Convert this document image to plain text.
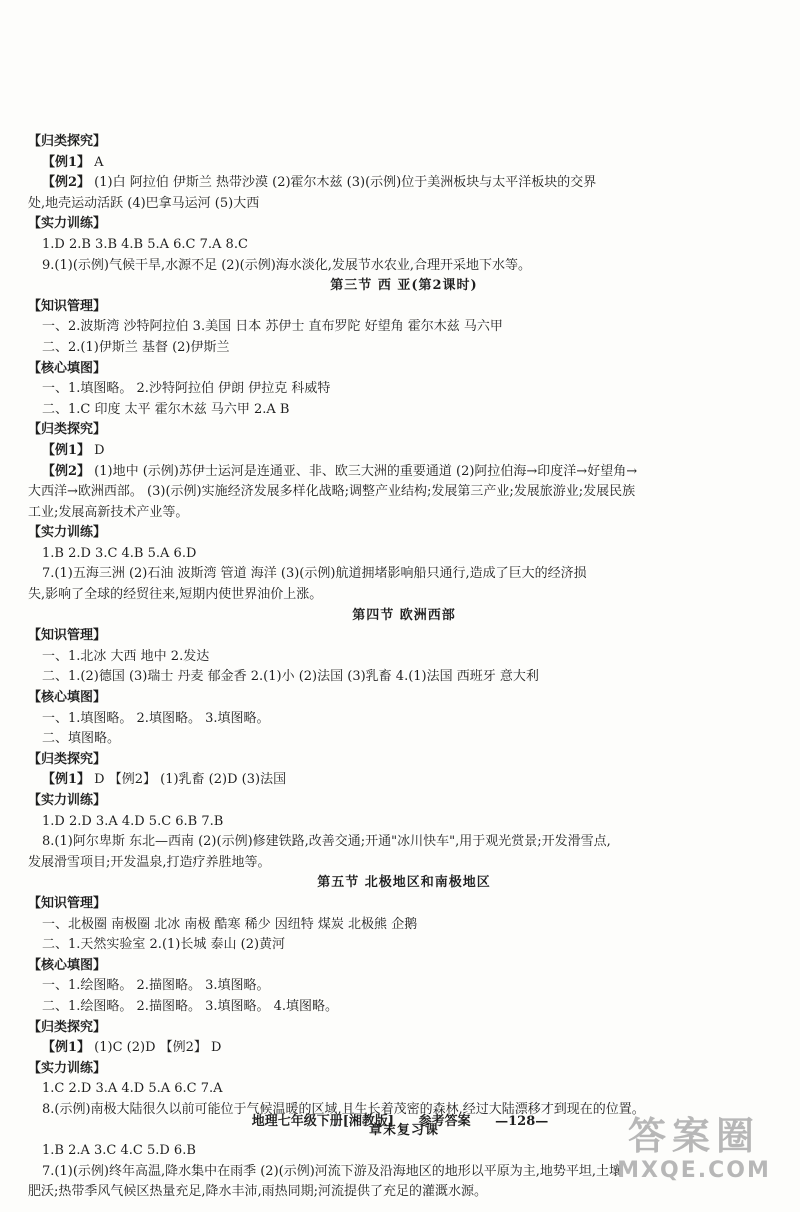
【归类探究】
【例1】 A
【例2】 (1)白 阿拉伯 伊斯兰 热带沙漠 (2)霍尔木兹 (3)(示例)位于美洲板块与太平洋板块的交界
处,地壳运动活跃 (4)巴拿马运河 (5)大西
【实力训练】
1.D 2.B 3.B 4.B 5.A 6.C 7.A 8.C
9.(1)(示例)气候干旱,水源不足 (2)(示例)海水淡化,发展节水农业,合理开采地下水等。
第三节 西 亚(第2课时)
【知识管理】
一、2.波斯湾 沙特阿拉伯 3.美国 日本 苏伊士 直布罗陀 好望角 霍尔木兹 马六甲
二、2.(1)伊斯兰 基督 (2)伊斯兰
【核心填图】
一、1.填图略。 2.沙特阿拉伯 伊朗 伊拉克 科威特
二、1.C 印度 太平 霍尔木兹 马六甲 2.A B
【归类探究】
【例1】 D
【例2】 (1)地中 (示例)苏伊士运河是连通亚、非、欧三大洲的重要通道 (2)阿拉伯海→印度洋→好望角→
大西洋→欧洲西部。 (3)(示例)实施经济发展多样化战略;调整产业结构;发展第三产业;发展旅游业;发展民族
工业;发展高新技术产业等。
【实力训练】
1.B 2.D 3.C 4.B 5.A 6.D
7.(1)五海三洲 (2)石油 波斯湾 管道 海洋 (3)(示例)航道拥堵影响船只通行,造成了巨大的经济损
失,影响了全球的经贸往来,短期内使世界油价上涨。
第四节 欧洲西部
【知识管理】
一、1.北冰 大西 地中 2.发达
二、1.(2)德国 (3)瑞士 丹麦 郁金香 2.(1)小 (2)法国 (3)乳畜 4.(1)法国 西班牙 意大利
【核心填图】
一、1.填图略。 2.填图略。 3.填图略。
二、填图略。
【归类探究】
【例1】 D 【例2】 (1)乳畜 (2)D (3)法国
【实力训练】
1.D 2.D 3.A 4.D 5.C 6.B 7.B
8.(1)阿尔卑斯 东北—西南 (2)(示例)修建铁路,改善交通;开通"冰川快车",用于观光赏景;开发滑雪点,
发展滑雪项目;开发温泉,打造疗养胜地等。
第五节 北极地区和南极地区
【知识管理】
一、北极圈 南极圈 北冰 南极 酷寒 稀少 因纽特 煤炭 北极熊 企鹅
二、1.天然实验室 2.(1)长城 泰山 (2)黄河
【核心填图】
一、1.绘图略。 2.描图略。 3.填图略。
二、1.绘图略。 2.描图略。 3.填图略。 4.填图略。
【归类探究】
【例1】 (1)C (2)D 【例2】 D
【实力训练】
1.C 2.D 3.A 4.D 5.A 6.C 7.A
8.(示例)南极大陆很久以前可能位于气候温暖的区域,且生长着茂密的森林,经过大陆漂移才到现在的位置。
章末复习课
1.B 2.A 3.C 4.C 5.D 6.B
7.(1)(示例)终年高温,降水集中在雨季 (2)(示例)河流下游及沿海地区的地形以平原为主,地势平坦,土壤
肥沃;热带季风气候区热量充足,降水丰沛,雨热同期;河流提供了充足的灌溉水源。
地理七年级下册[湘教版] 参考答案 —128—	答案圈
MXQE.COM
